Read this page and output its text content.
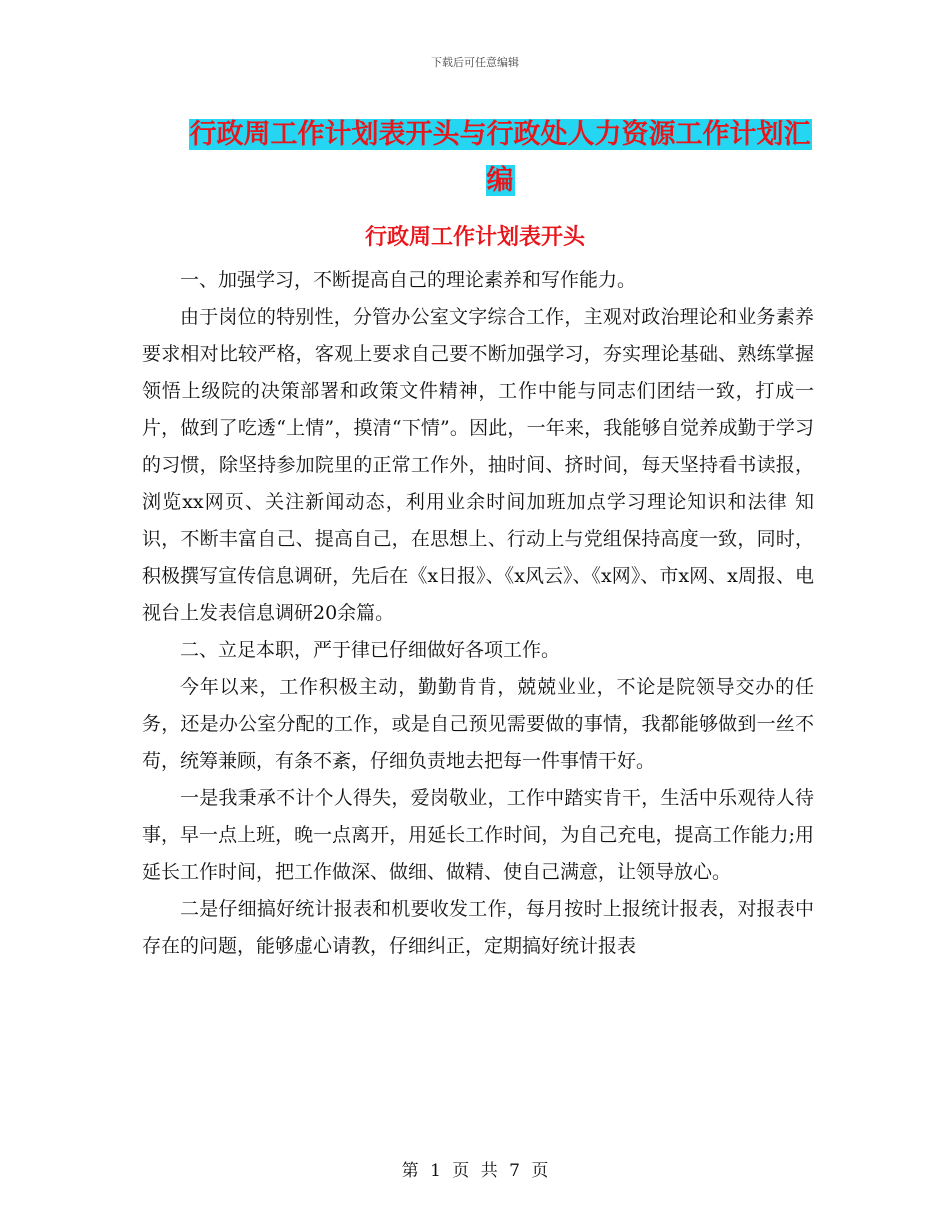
下载后可任意编辑
行政周工作计划表开头与行政处人力资源工作计划汇
编
行政周工作计划表开头

一、加强学习，不断提高自己的理论素养和写作能力。

由于岗位的特别性，分管办公室文字综合工作，主观对政治理论和业务素养要求相对比较严格，客观上要求自己要不断加强学习，夯实理论基础、熟练掌握领悟上级院的决策部署和政策文件精神，工作中能与同志们团结一致，打成一片，做到了吃透“上情”，摸清“下情”。因此，一年来，我能够自觉养成勤于学习的习惯，除坚持参加院里的正常工作外，抽时间、挤时间，每天坚持看书读报，浏览xx网页、关注新闻动态，利用业余时间加班加点学习理论知识和法律 知识，不断丰富自己、提高自己，在思想上、行动上与党组保持高度一致，同时，积极撰写宣传信息调研，先后在《x日报》、《x风云》、《x网》、市x网、x周报、电视台上发表信息调研20余篇。

二、立足本职，严于律已仔细做好各项工作。

今年以来，工作积极主动，勤勤肯肯，兢兢业业，不论是院领导交办的任务，还是办公室分配的工作，或是自己预见需要做的事情，我都能够做到一丝不苟，统筹兼顾，有条不紊，仔细负责地去把每一件事情干好。

一是我秉承不计个人得失，爱岗敬业，工作中踏实肯干，生活中乐观待人待事，早一点上班，晚一点离开，用延长工作时间，为自己充电，提高工作能力;用延长工作时间，把工作做深、做细、做精、使自己满意，让领导放心。

二是仔细搞好统计报表和机要收发工作，每月按时上报统计报表，对报表中存在的问题，能够虚心请教，仔细纠正，定期搞好统计报表

第 1 页 共 7 页
